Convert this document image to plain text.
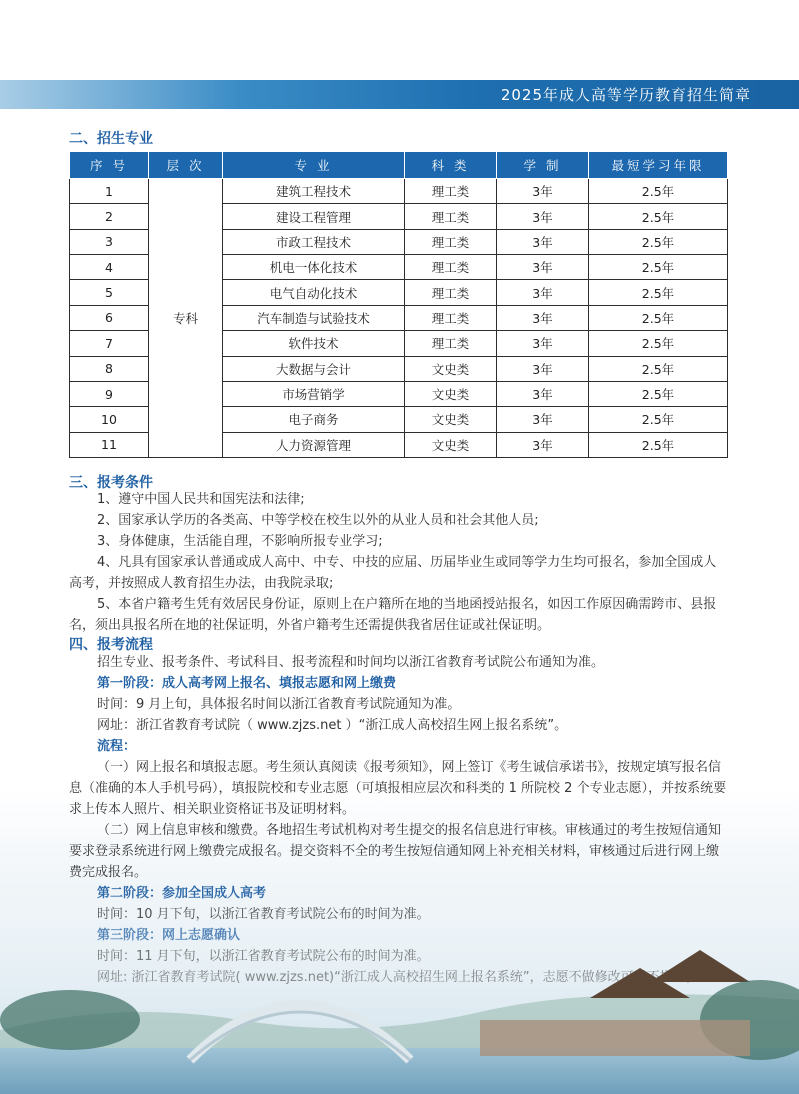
2025年成人高等学历教育招生简章
二、招生专业
序 号	层 次	专 业	科 类	学 制	最短学习年限
1	专科	建筑工程技术	理工类	3年	2.5年
2		建设工程管理	理工类	3年	2.5年
3		市政工程技术	理工类	3年	2.5年
4		机电一体化技术	理工类	3年	2.5年
5		电气自动化技术	理工类	3年	2.5年
6		汽车制造与试验技术	理工类	3年	2.5年
7		软件技术	理工类	3年	2.5年
8		大数据与会计	文史类	3年	2.5年
9		市场营销学	文史类	3年	2.5年
10		电子商务	文史类	3年	2.5年
11		人力资源管理	文史类	3年	2.5年
三、报考条件
1、遵守中国人民共和国宪法和法律;
2、国家承认学历的各类高、中等学校在校生以外的从业人员和社会其他人员;
3、身体健康，生活能自理，不影响所报专业学习;
4、凡具有国家承认普通或成人高中、中专、中技的应届、历届毕业生或同等学力生均可报名，参加全国成人高考，并按照成人教育招生办法，由我院录取;
5、本省户籍考生凭有效居民身份证，原则上在户籍所在地的当地函授站报名，如因工作原因确需跨市、县报名，须出具报名所在地的社保证明，外省户籍考生还需提供我省居住证或社保证明。
四、报考流程
招生专业、报考条件、考试科目、报考流程和时间均以浙江省教育考试院公布通知为准。
第一阶段：成人高考网上报名、填报志愿和网上缴费
时间：9 月上旬，具体报名时间以浙江省教育考试院通知为准。
网址：浙江省教育考试院（ www.zjzs.net ）“浙江成人高校招生网上报名系统”。
流程：
（一）网上报名和填报志愿。考生须认真阅读《报考须知》，网上签订《考生诚信承诺书》，按规定填写报名信息（准确的本人手机号码），填报院校和专业志愿（可填报相应层次和科类的 1 所院校 2 个专业志愿），并按系统要求上传本人照片、相关职业资格证书及证明材料。
（二）网上信息审核和缴费。各地招生考试机构对考生提交的报名信息进行审核。审核通过的考生按短信通知要求登录系统进行网上缴费完成报名。提交资料不全的考生按短信通知网上补充相关材料，审核通过后进行网上缴费完成报名。
